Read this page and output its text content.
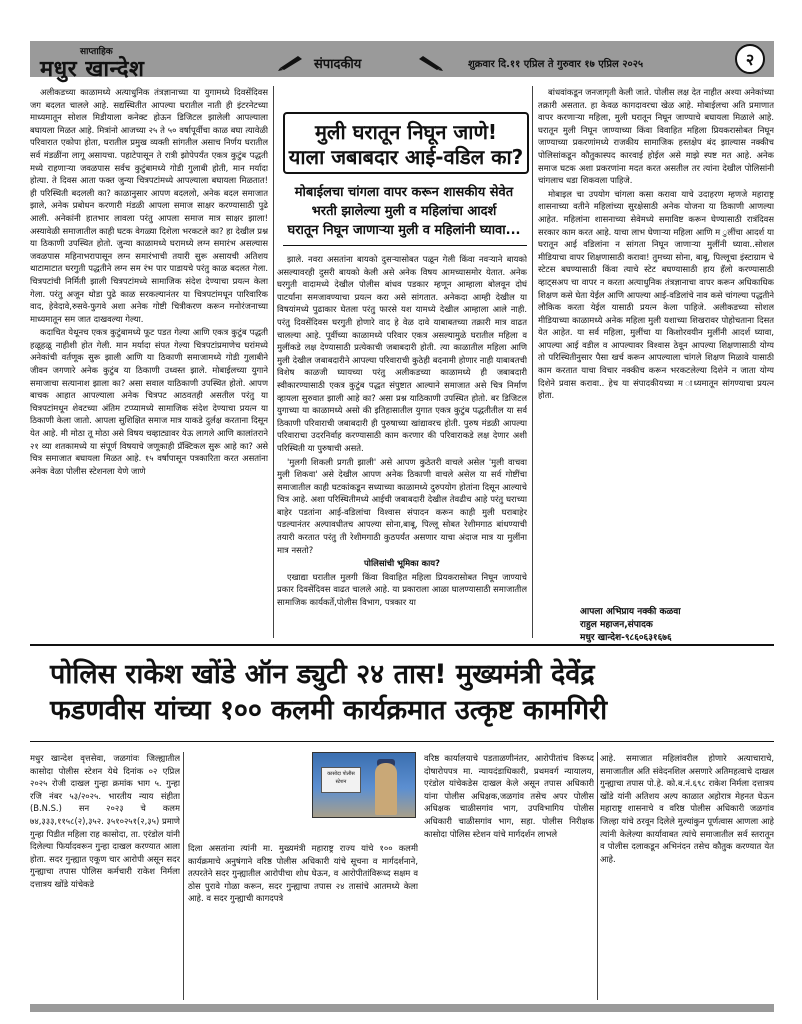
साप्ताहिक
मधुर खान्देश	संपादकीय	शुक्रवार दि.११ एप्रिल ते गुरुवार १७ एप्रिल २०२५	२

अलीकडच्या काळामध्ये अत्याधुनिक तंत्रज्ञानाच्या या युगामध्ये दिवसेंदिवस जग बदलत चालले आहे. सद्यस्थितीत आपल्या घरातील नाती ही इंटरनेटच्या माध्यमातून सोशल मिडीयाला कनेक्ट होऊन डिजिटल झालेली आपल्याला बघायला मिळत आहे. मित्रांनो आजच्या २५ ते ५० वर्षापूर्वीचा काळ बघा त्यावेळी परिवारात एकोपा होता, घरातील प्रमुख व्यक्ती सांगतील असाच निर्णय घरातील सर्व मंडळींना लागू असायचा. पहाटेपासून ते रात्री झोपेपर्यंत एकत्र कुटुंब पद्धती मध्ये राहणाऱ्या जवळपास सर्वच कुटुंबामध्ये गोडी गुलाबी होती, मान मर्यादा होत्या. ते दिवस आता फक्त जुन्या चित्रपटांमध्ये आपल्याला बघायला मिळतात! ही परिस्थिती बदलली का? काळानुसार आपण बदललो, अनेक बदल समाजात झाले, अनेक प्रबोधन करणारी मंडळी आपला समाज साक्षर करण्यासाठी पुढे आली. अनेकांनी हातभार लावला परंतु आपला समाज मात्र साक्षर झाला! अस्यावेळी समाजातील काही घटक वेगळ्या दिशेला भरकटले का? हा देखील प्रश्न या ठिकाणी उपस्थित होतो. जुन्या काळामध्ये घरामध्ये लग्न समारंभ असल्यास जवळपास महिनाभरापासून लग्न समारंभाची तयारी सुरू असायची अतिशय थाटामाटात घरगुती पद्धतीने लग्न सम रंभ पार पाडायचे परंतु काळ बदलत गेला. चित्रपटांची निर्मिती झाली चित्रपटांमध्ये सामाजिक संदेश देण्याचा प्रयत्न केला गेला. परंतु अजून थोडा पुढे काळ सरकल्यानंतर या चित्रपटांमधून पारिवारिक वाद, हेवेदावे,रुसवे-फुगवे अशा अनेक गोष्टी चित्रीकरण करून मनोरंजनाच्या माध्यमातून सम जात दाखवल्या गेल्या.

कदाचित येथूनच एकत्र कुटुंबामध्ये फूट पडत गेल्या आणि एकत्र कुटुंब पद्धती हळूहळू नाहीशी होत गेली. मान मर्यादा संपत गेल्या चित्रपटांप्रमाणेच घरांमध्ये अनेकांची वर्तणूक सुरू झाली आणि या ठिकाणी समाजामध्ये गोडी गुलाबीने जीवन जगणारे अनेक कुटुंब या ठिकाणी उध्वस्त झाले. मोबाईलच्या युगाने समाजाचा सत्यानाश झाला का? असा सवाल याठिकाणी उपस्थित होतो. आपण बाचक आहात आपल्याला अनेक चित्रपट आठवतही असतील परंतु या चित्रपटांमधून शेवटच्या अंतिम टप्प्यामध्ये सामाजिक संदेश देण्याचा प्रयत्न या ठिकाणी केला जातो. आपला सुशिक्षित समाज मात्र याकडे दुर्लक्ष करताना दिसून येत आहे. मी मोठा तू मोठा असे विषय चव्हाट्यावर येऊ लागले आणि कालांतराने २१ व्या शतकामध्ये या संपूर्ण विषयाचे जणूकाही प्रॅक्टिकल सुरू आहे का? असे चित्र समाजात बघायला मिळत आहे. १५ वर्षापासून पत्रकारिता करत असतांना अनेक वेळा पोलीस स्टेशनला येणे जाणे

मुली घरातून निघून जाणे!
याला जबाबदार आई-वडिल का?
मोबाईलचा चांगला वापर करून शासकीय सेवेत
भरती झालेल्या मुली व महिलांचा आदर्श
घरातून निघून जाणाऱ्या मुली व महिलांनी घ्यावा...

झाले. नवरा असतांना बायको दुसऱ्यासोबत पळून गेली किंवा नवऱ्याने बायको असल्यावरही दुसरी बायको केली असे अनेक विषय आमच्यासमोर येतात. अनेक घरगुती वादामध्ये देखील पोलीस बांधव पडकार म्हणून आम्हाला बोलवून दोघं पाटर्यांना समजावण्याचा प्रयत्न करा असे सांगतात. अनेकदा आम्ही देखील या विषयांमध्ये पुढाकार घेतला परंतु फारसे यश यामध्ये देखील आम्हाला आले नाही. परंतु दिवसेंदिवस घरगुती होणारे वाद हे वेळ दावे याबाबतच्या तक्रारी मात्र वाढत चालल्या आहे. पूर्वीच्या काळामध्ये परिवार एकत्र असल्यामुळे घरातील महिला व मुलींकडे लक्ष देण्यासाठी प्रत्येकाची जबाबदारी होती. त्या काळातील महिला आणि मुली देखील जबाबदारीने आपल्या परिवाराची कुठेही बदनामी होणार नाही याबाबतची विशेष काळजी घ्यायच्या परंतु अलीकडच्या काळामध्ये ही जबाबदारी स्वीकारण्यासाठी एकत्र कुटुंब पद्धत संपुष्टात आल्याने समाजात असे चित्र निर्माण व्हायला सुरुवात झाली आहे का? असा प्रश्न याठिकाणी उपस्थित होतो. बर डिजिटल युगाच्या या काळामध्ये असो की इतिहासातील युगात एकत्र कुटुंब पद्धतीतील या सर्व ठिकाणी परिवाराची जबाबदारी ही पुरुषाच्या खांद्यावरच होती. पुरुष मंडळी आपल्या परिवाराचा उदरनिर्वाह करण्यासाठी काम करणार की परिवाराकडे लक्ष देणार अशी परिस्थिती या पुरुषाची असते.

'मुलगी शिकली प्रगती झाली' असे आपण कुठेतरी वाचले असेल 'मुली वाचवा मुली शिकवा' असे देखील आपण अनेक ठिकाणी वाचले असेल या सर्व गोष्टींचा समाजातील काही घटकांकडून सध्याच्या काळामध्ये दुरुपयोग होतांना दिसून आल्याचे चित्र आहे. अशा परिस्थितीमध्ये आईची जबाबदारी देखील तेवढीच आहे परंतु घराच्या बाहेर पडतांना आई-वडिलांचा विश्वास संपादन करून काही मुली घराबाहेर पडल्यानंतर अल्पावधीतच आपल्या सोना,बाबू, पिल्लू सोबत रेशीमगाठ बांधण्याची तयारी करतात परंतु ती रेशीमगाठी कुठपर्यंत असणार याचा अंदाज मात्र या मुलींना मात्र नसतो?

पोलिसांची भूमिका काय?

एखाद्या घरातील मुलगी किंवा विवाहित महिला प्रियकरासोबत निघून जाण्याचे प्रकार दिवसेंदिवस वाढत चालले आहे. या प्रकाराला आळा घालण्यासाठी समाजातील सामाजिक कार्यकर्ते,पोलीस विभाग, पत्रकार या

बांधवांकडून जनजागृती केली जाते. पोलीस लक्ष देत नाहीत अश्या अनेकांच्या तक्रारी असतात. हा केवळ कागदावरचा खेळ आहे. मोबाईलचा अति प्रमाणात वापर करणाऱ्या महिला, मुली घरातून निघून जाण्याचे बघायला मिळाले आहे. घरातून मुली निघून जाण्याच्या किंवा विवाहित महिला प्रियकरासोबत निघून जाण्याच्या प्रकरणांमध्ये राजकीय सामाजिक हस्तक्षेप बंद झाल्यास नक्कीच पोलिसांकडून कौतुकास्पद कारवाई होईल असे माझे स्पष्ट मत आहे. अनेक समाज घटक अशा प्रकरणांना मदत करत असतील तर त्यांना देखील पोलिसांनी चांगलाच धडा शिकवला पाहिजे.

मोबाइल चा उपयोग चांगला कसा करावा याचे उदाहरण म्हणजे महाराष्ट्र शासनाच्या वतीने महिलांच्या सुरक्षेसाठी अनेक योजना या ठिकाणी आणल्या आहेत. महिलांना शासनाच्या सेवेमध्ये समाविष्ट करून घेण्यासाठी रात्रंदिवस सरकार काम करत आहे. याचा लाभ घेणाऱ्या महिला आणि म ुलींचा आदर्श या घरातून आई वडिलांना न सांगता निघून जाणाऱ्या मुलींनी घ्यावा..सोशल मीडियाचा वापर शिक्षणासाठी करावा! तुमच्या सोना, बाबू, पिल्लूचा इंस्टाग्राम चे स्टेटस बघण्यासाठी किंवा त्याचे स्टेट बघण्यासाठी हाय हॅलो करण्यासाठी व्हाट्सअप चा वापर न करता अत्याधुनिक तंत्रज्ञानाचा वापर करून अधिकाधिक शिक्षण कसे घेता येईल आणि आपल्या आई-वडिलांचे नाव कसे चांगल्या पद्धतीने लौकिक करता येईल यासाठी प्रयत्न केला पाहिजे. अलीकडच्या सोशल मीडियाच्या काळामध्ये अनेक महिला मुली यशाच्या शिखरावर पोहोचताना दिसत येत आहेत. या सर्व महिला, मुलींचा या किशोरवयीन मुलींनी आदर्श घ्यावा, आपल्या आई वडील व आपल्यावर विश्वास ठेवून आपल्या शिक्षणासाठी योग्य तो परिस्थितीनुसार पैसा खर्च करून आपल्याला चांगले शिक्षण मिळावे यासाठी काम करतात याचा विचार नक्कीच करून भरकटलेल्या दिशेने न जाता योग्य दिशेने प्रवास करावा.. हेच या संपादकीयच्या म ाध्यमातून सांगण्याचा प्रयत्न होता.

आपला अभिप्राय नक्की कळवा
राहुल महाजन,संपादक
मधुर खान्देश-९८६०६३१६७६
पोलिस राकेश खोंडे ऑन ड्युटी २४ तास! मुख्यमंत्री देवेंद्र
फडणवीस यांच्या १०० कलमी कार्यक्रमात उत्कृष्ट कामगिरी
मधुर खान्देश वृत्तसेवा, जळगांवः जिल्ह्यातील कासोदा पोलीस स्टेशन येथे दिनांक ०२ एप्रिल २०२५ रोजी दाखल गुन्हा क्रमांक भाग ५. गुन्हा रजि नंबर ५३/२०२५. भारतीय न्याय संहीता (B.N.S.) सन २०२३ चे कलम ७४,३३३,११५८(२),३५२. ३५१०२५१(२,३५) प्रमाणे गुन्हा पिडीत महिला राह कासोदा, ता. एरंडोल यांनी दिलेल्या फिर्यादवरून गुन्हा दाखल करण्यात आला होता. सदर गुन्ह्यात एकूण चार आरोपी असून सदर गुन्ह्याचा तपास पोलिस कर्मचारी राकेश निर्मला दत्तात्रय खोंडे यांचेकडे
दिला असतांना त्यांनी मा. मुख्यमंत्री महाराष्ट्र राज्य यांचे १०० कलमी कार्यक्रमाचे अनुषंगाने वरिष्ठ पोलीस अधिकारी यांचे सूचना व मार्गदर्शनाने, तत्परतेने सदर गुन्ह्यातील आरोपीचा शोध घेऊन, व आरोपीतांविरूध्द सक्षम व ठोस पुरावे गोळा करून, सदर गुन्ह्याचा तपास २४ तासांचे आतमध्ये केला आहे. व सदर गुन्ह्याची कागदपत्रे
कासोदा पोलीस स्टेशन
वरिष्ठ कार्यालयाचे पडताळणीनंतर, आरोपीतांच विरूध्द दोषारोपपत्र मा. न्यायदंडाधिकारी, प्रथमवर्ग न्यायालय, एरंडोल यांचेकडेस दाखल केले असून तपास अधिकारी यांना पोलीस अधिक्षक,जळगांव तसेच अपर पोलीस अधिक्षक चाळीसगांव भाग, उपविभागिय पोलीस अधिकारी चाळीसगांव भाग, सहा. पोलीस निरीक्षक कासोदा पोलिस स्टेशन यांचे मार्गदर्शन लाभले
आहे. समाजात महिलांवरील होणारे अत्याचाराचे, समाजातील अति संवेदनशिल असणारे अतिमहत्वाचे दाखल गुन्ह्याचा तपास पो.हे. को.ब.नं.६९८ राकेश निर्मला दत्तात्रय खोंडे यांनी अतिशय अल्प काळात अहोरात्र मेहनत घेऊन महाराष्ट्र शासनाचे व वरिष्ठ पोलीस अधिकारी जळगांव जिल्हा यांचे ठरवून दिलेले मुल्यांकुन पूर्णत्वास आणला आहे त्यांनी केलेल्या कार्यावाबत त्यांचे समाजातील सर्व स्तरातून व पोलीस दलाकडून अभिनंदन तसेच कौतुक करण्यात येत आहे.
